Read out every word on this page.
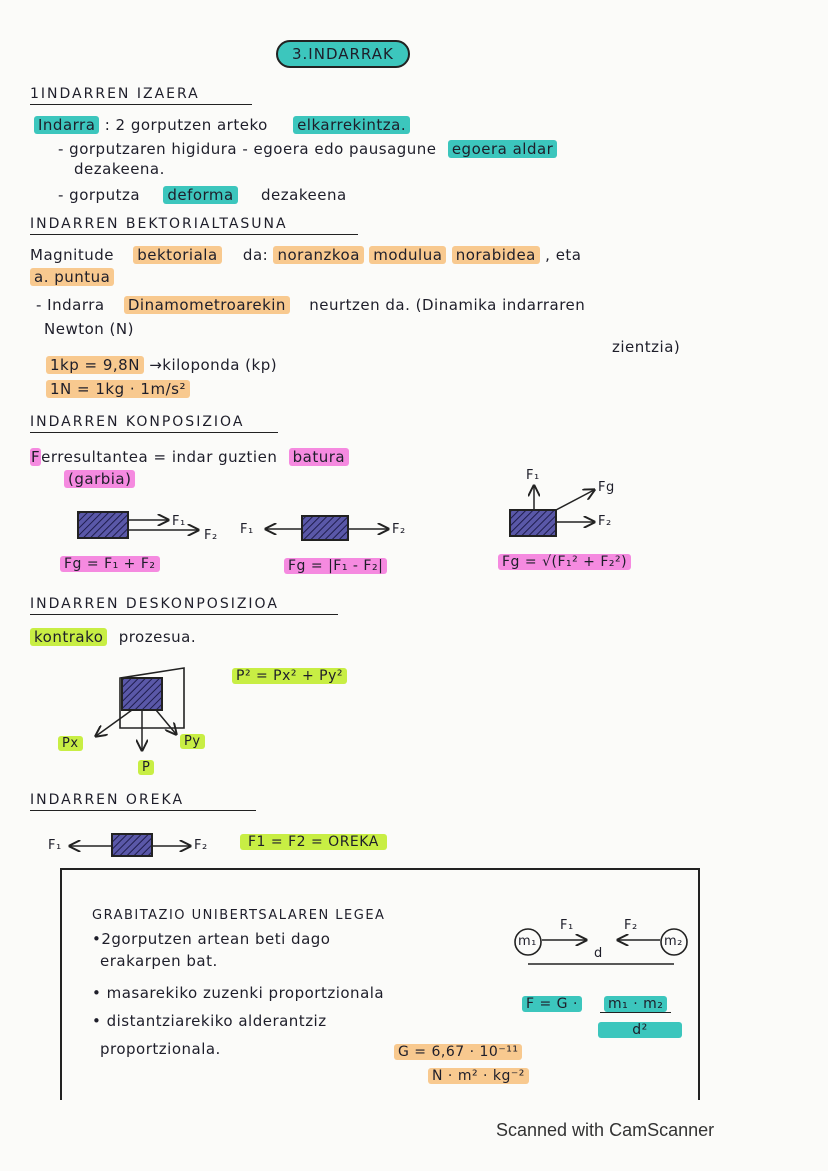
3.INDARRAK
1INDARREN IZAERA
Indarra : 2 gorputzen arteko elkarrekintza.
- gorputzaren higidura - egoera edo pausagune egoera aldar
dezakeena.
- gorputza deforma dezakeena
INDARREN BEKTORIALTASUNA
Magnitude bektoriala da: noranzkoa modulua norabidea , eta
a. puntua
- Indarra Dinamometroarekin neurtzen da. (Dinamika indarraren
Newton (N)
zientzia)
1kp = 9,8N →kiloponda (kp)
1N = 1kg · 1m/s²
INDARREN KONPOSIZIOA
Ferresultantea = indar guztien batura
(garbia)
F₁
F₂
Fg = F₁ + F₂
F₁	F₂
Fg = |F₁ - F₂|
F₁
Fg
F₂
Fg = √(F₁² + F₂²)
INDARREN DESKONPOSIZIOA
kontrako prozesua.
P² = Px² + Py²
Px
P
Py
INDARREN OREKA
F₁	F₂	F1 = F2 = OREKA
GRABITAZIO UNIBERTSALAREN LEGEA
•2gorputzen artean beti dago
erakarpen bat.
• masarekiko zuzenki proportzionala
• distantziarekiko alderantziz
proportzionala.
m₁	m₂
F₁	F₂
d
F = G ·	m₁ · m₂
d²
G = 6,67 · 10⁻¹¹
N · m² · kg⁻²
Scanned with CamScanner
